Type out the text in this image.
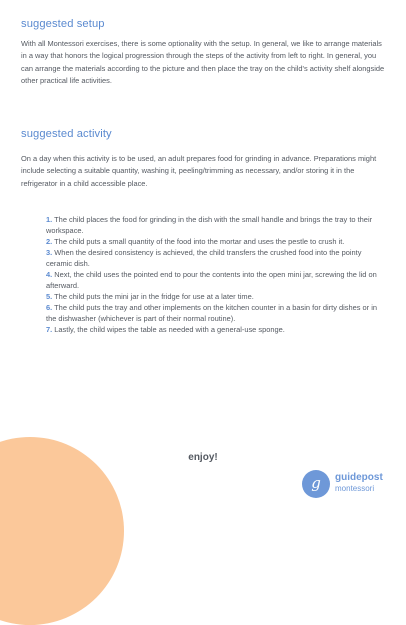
suggested setup
With all Montessori exercises, there is some optionality with the setup. In general, we like to arrange materials in a way that honors the logical progression through the steps of the activity from left to right. In general, you can arrange the materials according to the picture and then place the tray on the child's activity shelf alongside other practical life activities.
suggested activity
On a day when this activity is to be used, an adult prepares food for grinding in advance. Preparations might include selecting a suitable quantity, washing it, peeling/trimming as necessary, and/or storing it in the refrigerator in a child accessible place.
1. The child places the food for grinding in the dish with the small handle and brings the tray to their workspace.
2. The child puts a small quantity of the food into the mortar and uses the pestle to crush it.
3. When the desired consistency is achieved, the child transfers the crushed food into the pointy ceramic dish.
4. Next, the child uses the pointed end to pour the contents into the open mini jar, screwing the lid on afterward.
5. The child puts the mini jar in the fridge for use at a later time.
6. The child puts the tray and other implements on the kitchen counter in a basin for dirty dishes or in the dishwasher (whichever is part of their normal routine).
7. Lastly, the child wipes the table as needed with a general-use sponge.
enjoy!
g	guidepost
montessori
